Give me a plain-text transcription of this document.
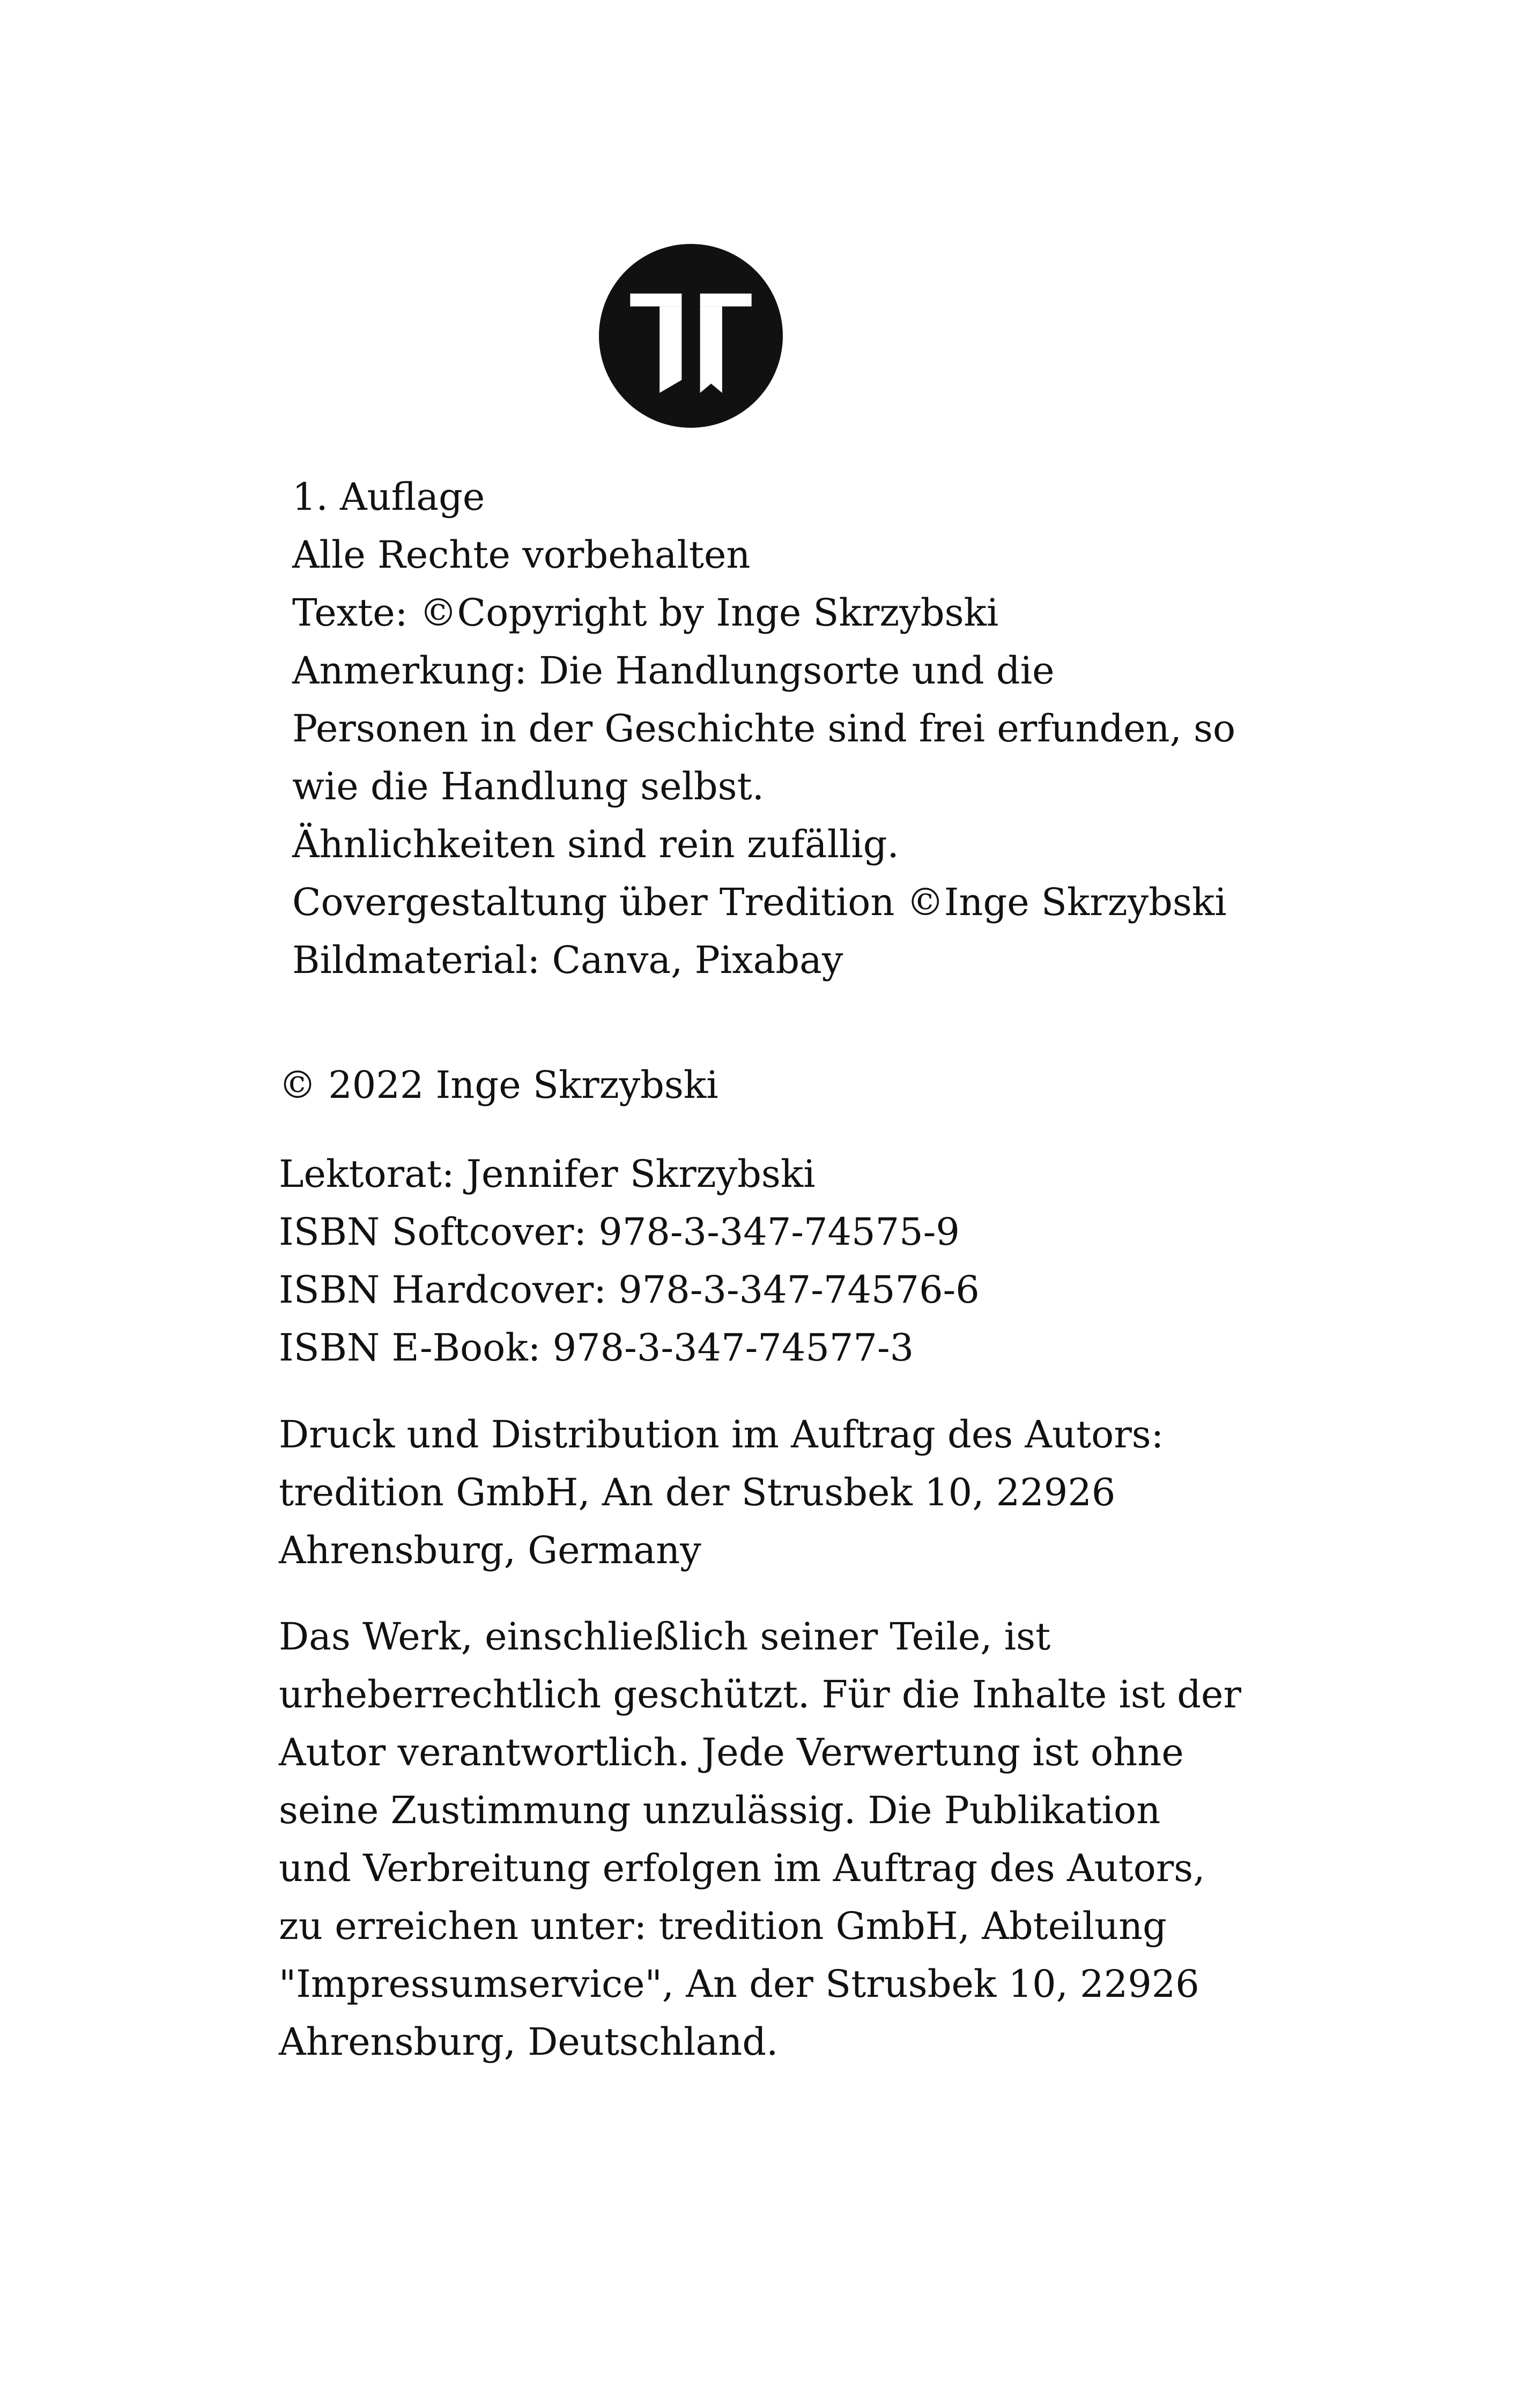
1. Auflage
Alle Rechte vorbehalten
Texte: ©Copyright by Inge Skrzybski
Anmerkung: Die Handlungsorte und die
Personen in der Geschichte sind frei erfunden, so
wie die Handlung selbst.
Ähnlichkeiten sind rein zufällig.
Covergestaltung über Tredition ©Inge Skrzybski
Bildmaterial: Canva, Pixabay
© 2022 Inge Skrzybski
Lektorat: Jennifer Skrzybski
ISBN Softcover: 978-3-347-74575-9
ISBN Hardcover: 978-3-347-74576-6
ISBN E-Book: 978-3-347-74577-3
Druck und Distribution im Auftrag des Autors:
tredition GmbH, An der Strusbek 10, 22926
Ahrensburg, Germany
Das Werk, einschließlich seiner Teile, ist
urheberrechtlich geschützt. Für die Inhalte ist der
Autor verantwortlich. Jede Verwertung ist ohne
seine Zustimmung unzulässig. Die Publikation
und Verbreitung erfolgen im Auftrag des Autors,
zu erreichen unter: tredition GmbH, Abteilung
"Impressumservice", An der Strusbek 10, 22926
Ahrensburg, Deutschland.
